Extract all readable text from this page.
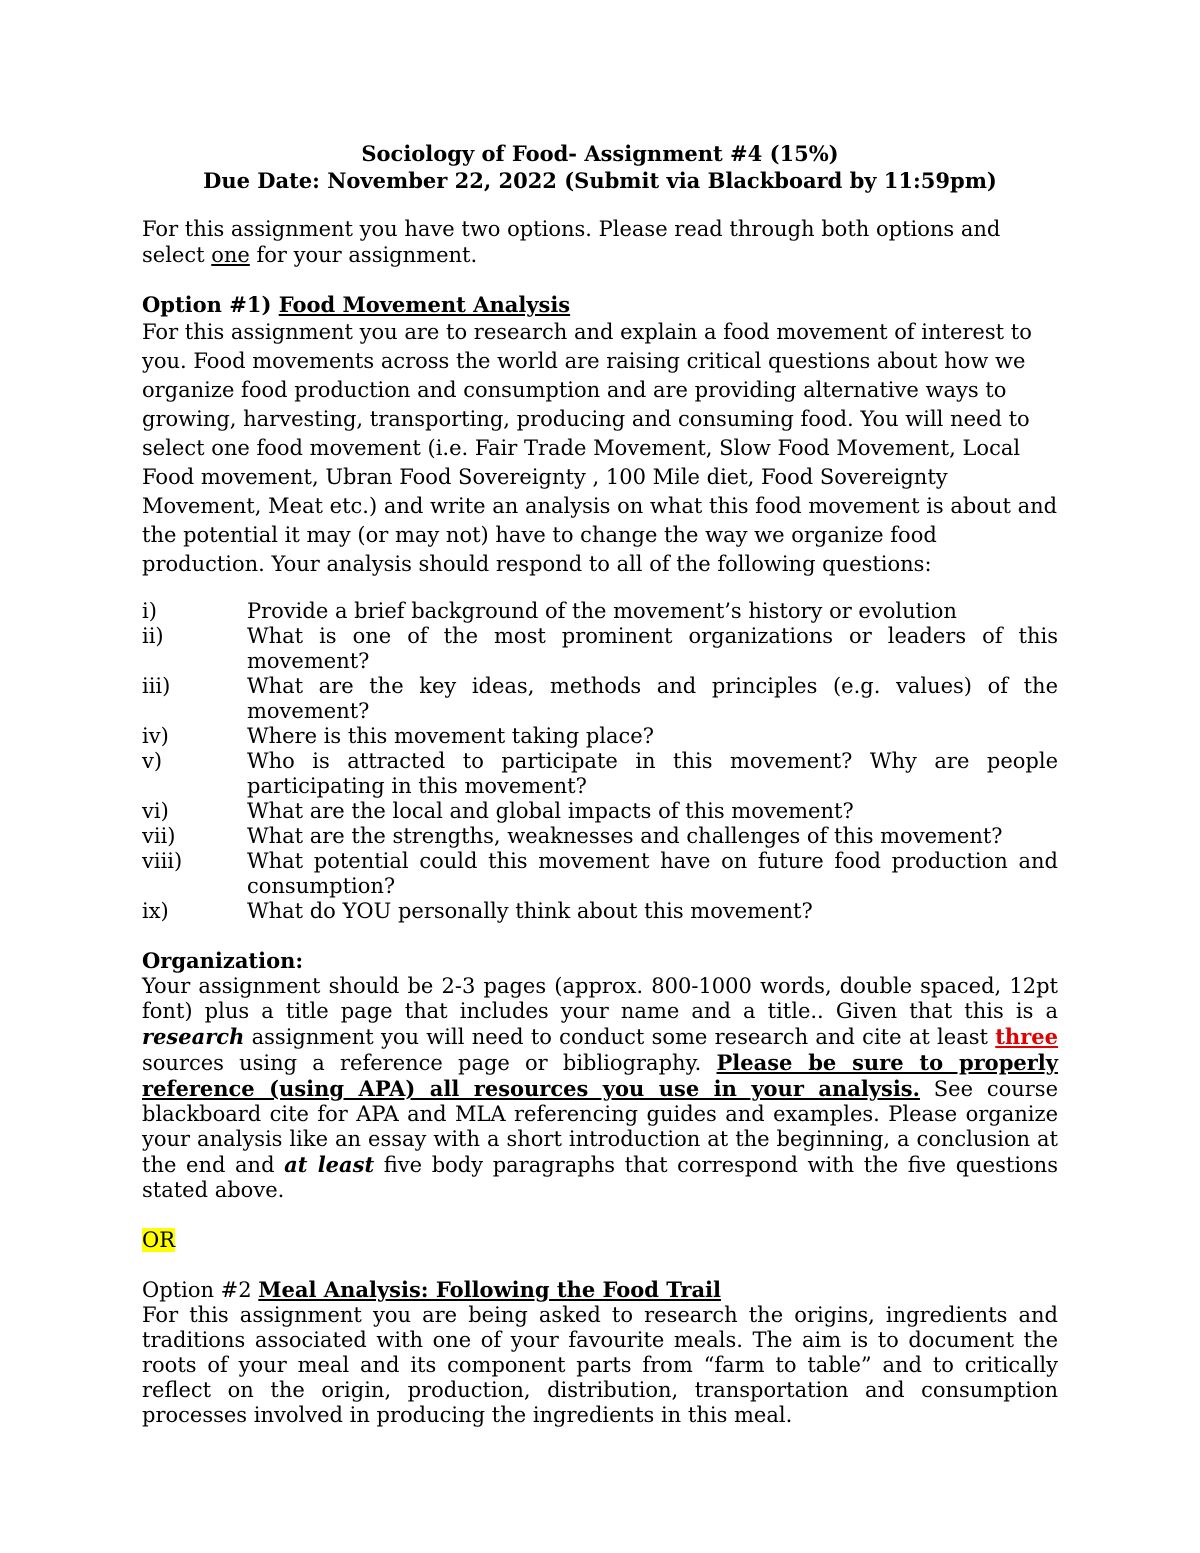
Sociology of Food- Assignment #4 (15%)
Due Date: November 22, 2022 (Submit via Blackboard by 11:59pm)

For this assignment you have two options. Please read through both options and select one for your assignment.

Option #1) Food Movement Analysis

For this assignment you are to research and explain a food movement of interest to you. Food movements across the world are raising critical questions about how we organize food production and consumption and are providing alternative ways to growing, harvesting, transporting, producing and consuming food. You will need to select one food movement (i.e. Fair Trade Movement, Slow Food Movement, Local Food movement, Ubran Food Sovereignty , 100 Mile diet, Food Sovereignty Movement, Meat etc.) and write an analysis on what this food movement is about and the potential it may (or may not) have to change the way we organize food production. Your analysis should respond to all of the following questions:

i)	Provide a brief background of the movement’s history or evolution
ii)	What is one of the most prominent organizations or leaders of this movement?
iii)	What are the key ideas, methods and principles (e.g. values) of the movement?
iv)	Where is this movement taking place?
v)	Who is attracted to participate in this movement? Why are people participating in this movement?
vi)	What are the local and global impacts of this movement?
vii)	What are the strengths, weaknesses and challenges of this movement?
viii)	What potential could this movement have on future food production and consumption?
ix)	What do YOU personally think about this movement?
Organization:

Your assignment should be 2-3 pages (approx. 800-1000 words, double spaced, 12pt font) plus a title page that includes your name and a title.. Given that this is a research assignment you will need to conduct some research and cite at least three sources using a reference page or bibliography. Please be sure to properly reference (using APA) all resources you use in your analysis. See course blackboard cite for APA and MLA referencing guides and examples. Please organize your analysis like an essay with a short introduction at the beginning, a conclusion at the end and at least five body paragraphs that correspond with the five questions stated above.

OR
Option #2 Meal Analysis: Following the Food Trail

For this assignment you are being asked to research the origins, ingredients and traditions associated with one of your favourite meals. The aim is to document the roots of your meal and its component parts from “farm to table” and to critically reflect on the origin, production, distribution, transportation and consumption processes involved in producing the ingredients in this meal.
